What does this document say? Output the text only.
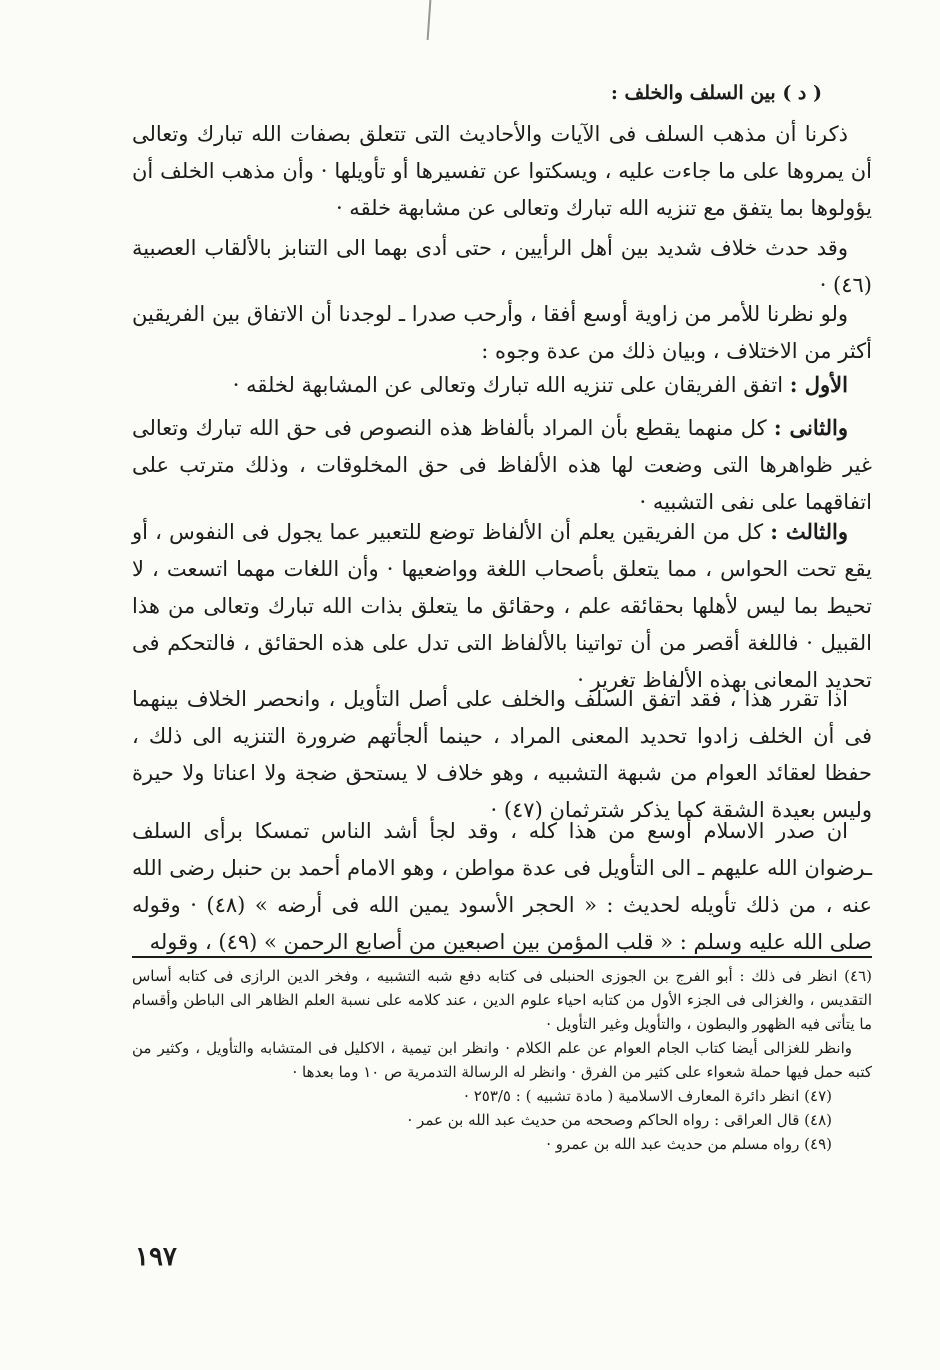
( د ) بين السلف والخلف :

ذكرنا أن مذهب السلف فى الآيات والأحاديث التى تتعلق بصفات الله تبارك وتعالى أن يمروها على ما جاءت عليه ، ويسكتوا عن تفسيرها أو تأويلها · وأن مذهب الخلف أن يؤولوها بما يتفق مع تنزيه الله تبارك وتعالى عن مشابهة خلقه ·

وقد حدث خلاف شديد بين أهل الرأيين ، حتى أدى بهما الى التنابز بالألقاب العصبية (٤٦) ·

ولو نظرنا للأمر من زاوية أوسع أفقا ، وأرحب صدرا ـ لوجدنا أن الاتفاق بين الفريقين أكثر من الاختلاف ، وبيان ذلك من عدة وجوه :

الأول : اتفق الفريقان على تنزيه الله تبارك وتعالى عن المشابهة لخلقه ·

والثانى : كل منهما يقطع بأن المراد بألفاظ هذه النصوص فى حق الله تبارك وتعالى غير ظواهرها التى وضعت لها هذه الألفاظ فى حق المخلوقات ، وذلك مترتب على اتفاقهما على نفى التشبيه ·

والثالث : كل من الفريقين يعلم أن الألفاظ توضع للتعبير عما يجول فى النفوس ، أو يقع تحت الحواس ، مما يتعلق بأصحاب اللغة وواضعيها · وأن اللغات مهما اتسعت ، لا تحيط بما ليس لأهلها بحقائقه علم ، وحقائق ما يتعلق بذات الله تبارك وتعالى من هذا القبيل · فاللغة أقصر من أن تواتينا بالألفاظ التى تدل على هذه الحقائق ، فالتحكم فى تحديد المعانى بهذه الألفاظ تغرير ·

اذا تقرر هذا ، فقد اتفق السلف والخلف على أصل التأويل ، وانحصر الخلاف بينهما فى أن الخلف زادوا تحديد المعنى المراد ، حينما ألجأتهم ضرورة التنزيه الى ذلك ، حفظا لعقائد العوام من شبهة التشبيه ، وهو خلاف لا يستحق ضجة ولا اعناتا ولا حيرة وليس بعيدة الشقة كما يذكر شترثمان (٤٧) ·

ان صدر الاسلام أوسع من هذا كله ، وقد لجأ أشد الناس تمسكا برأى السلف ـرضوان الله عليهم ـ الى التأويل فى عدة مواطن ، وهو الامام أحمد بن حنبل رضى الله عنه ، من ذلك تأويله لحديث : « الحجر الأسود يمين الله فى أرضه » (٤٨) · وقوله صلى الله عليه وسلم : « قلب المؤمن بين اصبعين من أصابع الرحمن » (٤٩) ، وقوله

(٤٦) انظر فى ذلك : أبو الفرج بن الجوزى الحنبلى فى كتابه دفع شبه التشبيه ، وفخر الدين الرازى فى كتابه أساس التقديس ، والغزالى فى الجزء الأول من كتابه احياء علوم الدين ، عند كلامه على نسبة العلم الظاهر الى الباطن وأقسام ما يتأتى فيه الظهور والبطون ، والتأويل وغير التأويل ·

وانظر للغزالى أيضا كتاب الجام العوام عن علم الكلام · وانظر ابن تيمية ، الاكليل فى المتشابه والتأويل ، وكثير من كتبه حمل فيها حملة شعواء على كثير من الفرق · وانظر له الرسالة التدمرية ص ١٠ وما بعدها ·

(٤٧) انظر دائرة المعارف الاسلامية ( مادة تشبيه ) : ٢٥٣/٥ ·

(٤٨) قال العراقى : رواه الحاكم وصححه من حديث عبد الله بن عمر ·

(٤٩) رواه مسلم من حديث عبد الله بن عمرو ·

١٩٧
